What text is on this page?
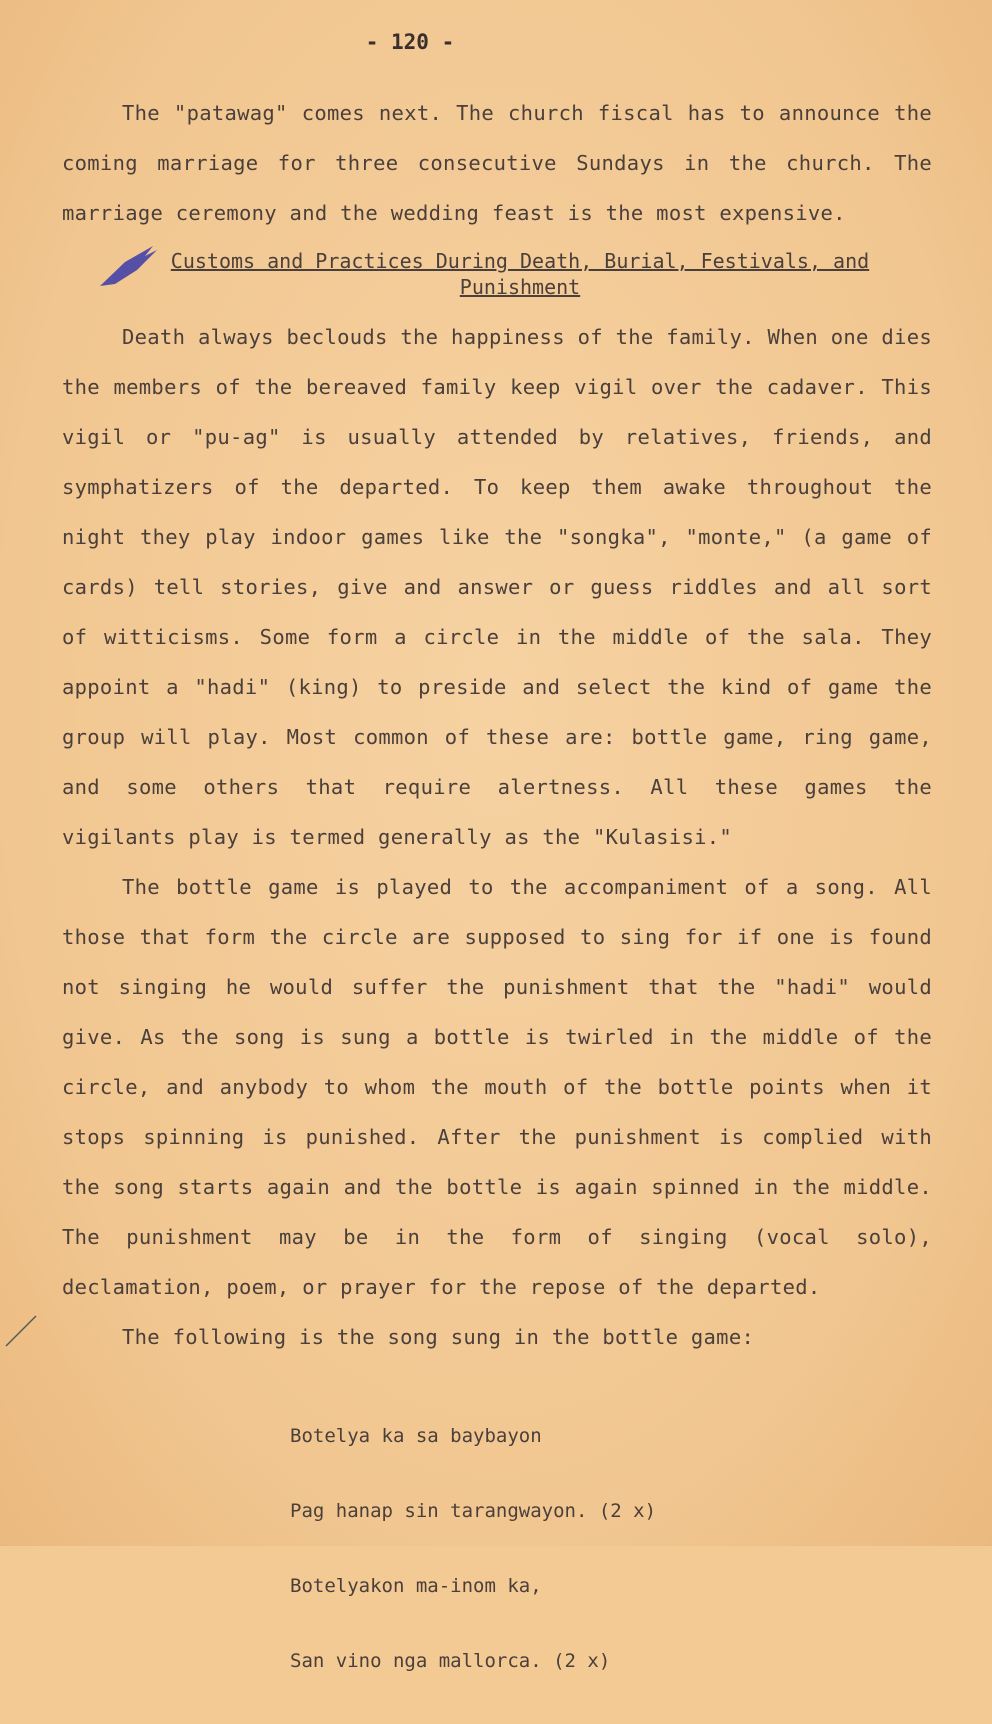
- 120 -

The "patawag" comes next. The church fiscal has to announce the coming marriage for three consecutive Sundays in the church. The marriage ceremony and the wedding feast is the most expensive.

Customs and Practices During Death, Burial, Festivals, and Punishment

Death always beclouds the happiness of the family. When one dies the members of the bereaved family keep vigil over the cadaver. This vigil or "pu-ag" is usually attended by relatives, friends, and symphatizers of the departed. To keep them awake throughout the night they play indoor games like the "songka", "monte," (a game of cards) tell stories, give and answer or guess riddles and all sort of witticisms. Some form a circle in the middle of the sala. They appoint a "hadi" (king) to preside and select the kind of game the group will play. Most common of these are: bottle game, ring game, and some others that require alertness. All these games the vigilants play is termed generally as the "Kulasisi."

The bottle game is played to the accompaniment of a song. All those that form the circle are supposed to sing for if one is found not singing he would suffer the punishment that the "hadi" would give. As the song is sung a bottle is twirled in the middle of the circle, and anybody to whom the mouth of the bottle points when it stops spinning is punished. After the punishment is complied with the song starts again and the bottle is again spinned in the middle. The punishment may be in the form of singing (vocal solo), declamation, poem, or prayer for the repose of the departed.

The following is the song sung in the bottle game:

Botelya ka sa baybayon

Pag hanap sin tarangwayon. (2 x)

Botelyakon ma-inom ka,

San vino nga mallorca. (2 x)
